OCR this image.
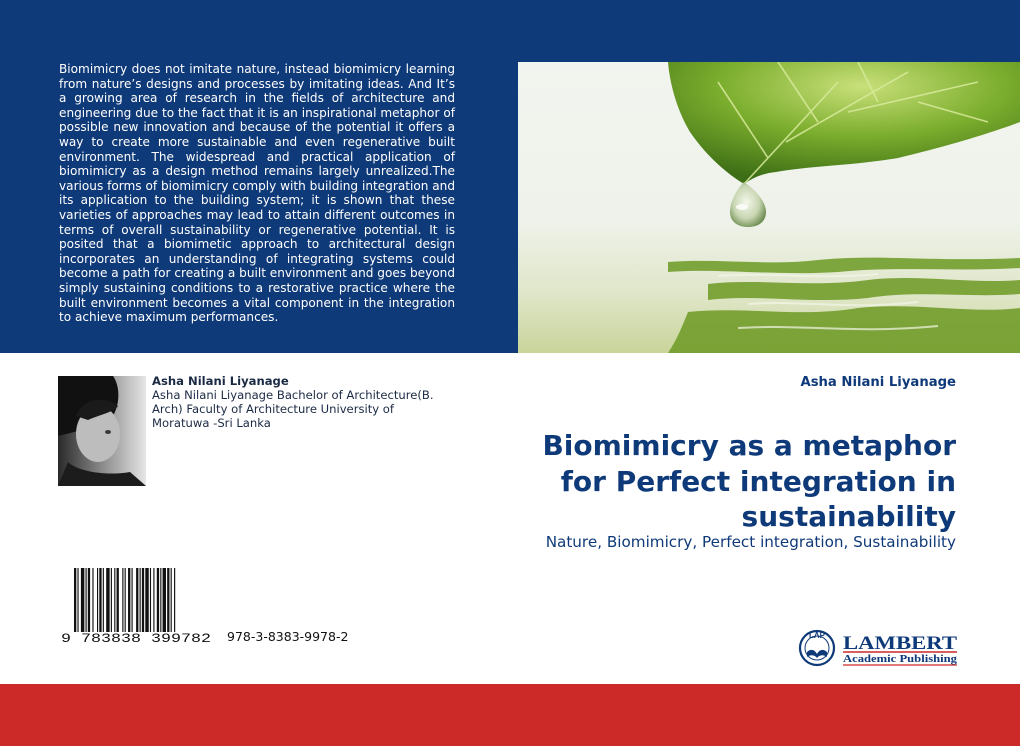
Biomimicry does not imitate nature, instead biomimicry learning from nature’s designs and processes by imitating ideas. And It’s a growing area of research in the fields of architecture and engineering due to the fact that it is an inspirational metaphor of possible new innovation and because of the potential it offers a way to create more sustainable and even regenerative built environment. The widespread and practical application of biomimicry as a design method remains largely unrealized.The various forms of biomimicry comply with building integration and its application to the building system; it is shown that these varieties of approaches may lead to attain different outcomes in terms of overall sustainability or regenerative potential. It is posited that a biomimetic approach to architectural design incorporates an understanding of integrating systems could become a path for creating a built environment and goes beyond simply sustaining conditions to a restorative practice where the built environment becomes a vital component in the integration to achieve maximum performances.

Asha Nilani Liyanage
Asha Nilani Liyanage Bachelor of Architecture(B. Arch) Faculty of Architecture University of Moratuwa -Sri Lanka
Asha Nilani Liyanage
Biomimicry as a metaphor for Perfect integration in sustainability
Nature, Biomimicry, Perfect integration, Sustainability
9 783838 399782 978-3-8383-9978-2	LAP LAMBERT
Academic Publishing
